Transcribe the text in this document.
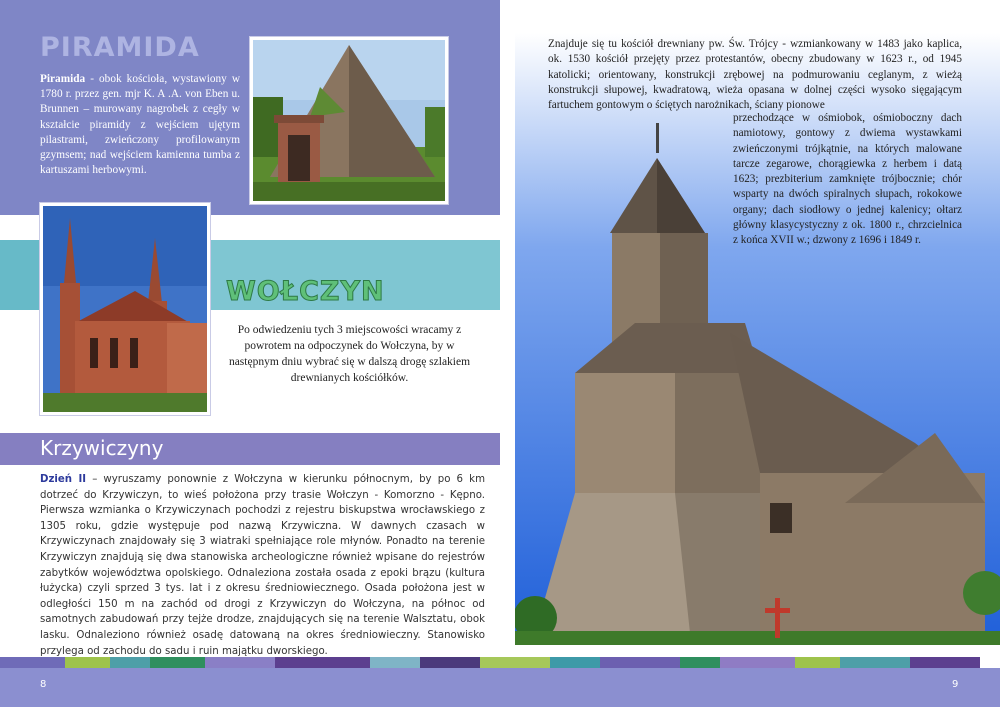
PIRAMIDA
Piramida - obok kościoła, wystawiony w 1780 r. przez gen. mjr K. A .A. von Eben u. Brunnen – murowany nagrobek z cegły w kształcie piramidy z wejściem ujętym pilastrami, zwieńczony profilowanym gzymsem; nad wejściem kamienna tumba z kartuszami herbowymi.
WOŁCZYN
Po odwiedzeniu tych 3 miejscowości wracamy z powrotem na odpoczynek do Wołczyna, by w następnym dniu wybrać się w dalszą drogę szlakiem drewnianych kościółków.
Krzywiczyny
Dzień II – wyruszamy ponownie z Wołczyna w kierunku północnym, by po 6 km dotrzeć do Krzywiczyn, to wieś położona przy trasie Wołczyn - Komorzno - Kępno. Pierwsza wzmianka o Krzywiczynach pochodzi z rejestru biskupstwa wrocławskiego z 1305 roku, gdzie występuje pod nazwą Krzywiczna. W dawnych czasach w Krzywiczynach znajdowały się 3 wiatraki spełniające role młynów. Ponadto na terenie Krzywiczyn znajdują się dwa stanowiska archeologiczne również wpisane do rejestrów zabytków województwa opolskiego. Odnaleziona została osada z epoki brązu (kultura łużycka) czyli sprzed 3 tys. lat i z okresu średniowiecznego. Osada położona jest w odległości 150 m na zachód od drogi z Krzywiczyn do Wołczyna, na północ od samotnych zabudowań przy tejże drodze, znajdujących się na terenie Walsztatu, obok lasku. Odnaleziono również osadę datowaną na okres średniowieczny. Stanowisko przylega od zachodu do sadu i ruin majątku dworskiego.
Znajduje się tu kościół drewniany pw. Św. Trójcy - wzmiankowany w 1483 jako kaplica, ok. 1530 kościół przejęty przez protestantów, obecny zbudowany w 1623 r., od 1945 katolicki; orientowany, konstrukcji zrębowej na podmurowaniu ceglanym, z wieżą konstrukcji słupowej, kwadratową, wieża opasana w dolnej części wysoko sięgającym fartuchem gontowym o ściętych narożnikach, ściany pionowe
przechodzące w ośmiobok, ośmioboczny dach namiotowy, gontowy z dwiema wystawkami zwieńczonymi trójkątnie, na których malowane tarcze zegarowe, chorągiewka z herbem i datą 1623; prezbiterium zamknięte trójbocznie; chór wsparty na dwóch spiralnych słupach, rokokowe organy; dach siodłowy o jednej kalenicy; ołtarz główny klasycystyczny z ok. 1800 r., chrzcielnica z końca XVII w.; dzwony z 1696 i 1849 r.
8	9
